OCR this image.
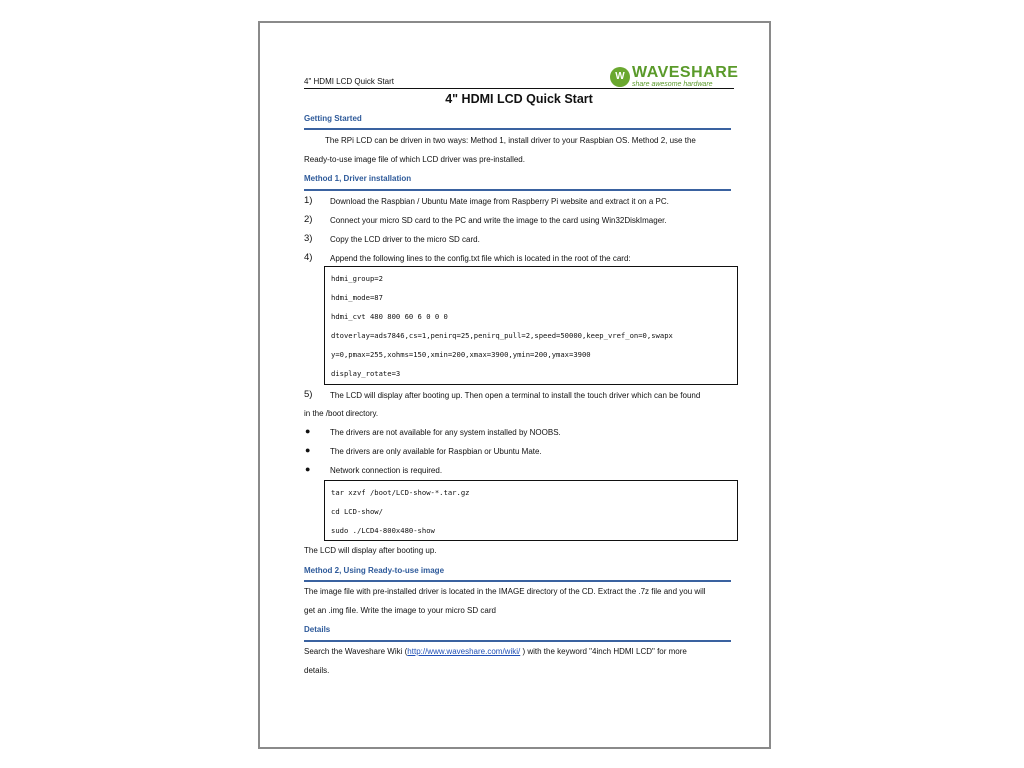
4" HDMI LCD Quick Start	W WAVESHARE
share awesome hardware
4" HDMI LCD Quick Start
Getting Started
The RPi LCD can be driven in two ways: Method 1, install driver to your Raspbian OS. Method 2, use the
Ready-to-use image file of which LCD driver was pre-installed.
Method 1, Driver installation
1) Download the Raspbian / Ubuntu Mate image from Raspberry Pi website and extract it on a PC.
2) Connect your micro SD card to the PC and write the image to the card using Win32DiskImager.
3) Copy the LCD driver to the micro SD card.
4) Append the following lines to the config.txt file which is located in the root of the card:
hdmi_group=2
hdmi_mode=87
hdmi_cvt 480 800 60 6 0 0 0
dtoverlay=ads7846,cs=1,penirq=25,penirq_pull=2,speed=50000,keep_vref_on=0,swapx
y=0,pmax=255,xohms=150,xmin=200,xmax=3900,ymin=200,ymax=3900
display_rotate=3
5) The LCD will display after booting up. Then open a terminal to install the touch driver which can be found
in the /boot directory.
● The drivers are not available for any system installed by NOOBS.
● The drivers are only available for Raspbian or Ubuntu Mate.
● Network connection is required.
tar xzvf /boot/LCD-show-*.tar.gz
cd LCD-show/
sudo ./LCD4-800x480-show
The LCD will display after booting up.
Method 2, Using Ready-to-use image
The image file with pre-installed driver is located in the IMAGE directory of the CD. Extract the .7z file and you will
get an .img file. Write the image to your micro SD card
Details
Search the Waveshare Wiki (http://www.waveshare.com/wiki/ ) with the keyword "4inch HDMI LCD" for more
details.
